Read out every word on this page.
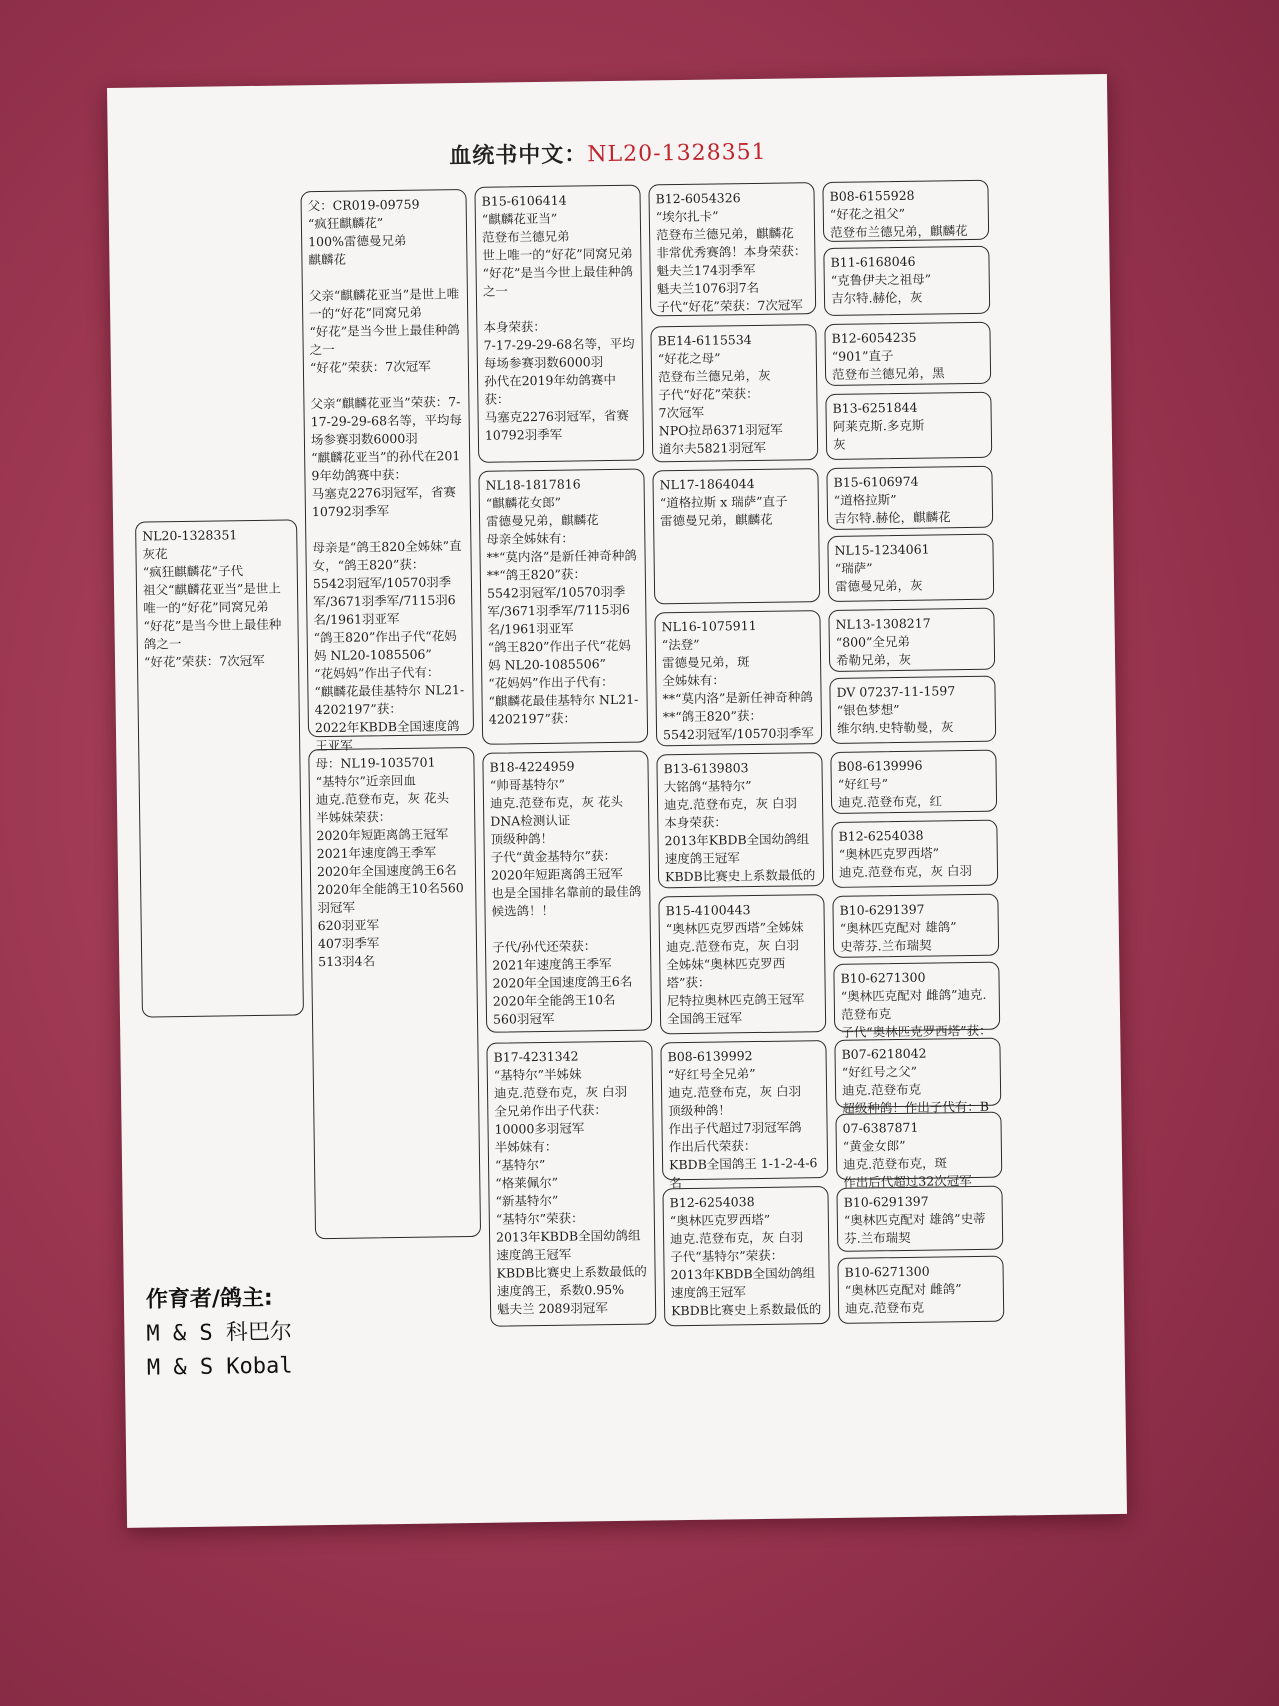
血统书中文：NL20-1328351
NL20-1328351
灰花
“疯狂麒麟花”子代
祖父“麒麟花亚当”是世上唯一的“好花”同窝兄弟
“好花”是当今世上最佳种鸽之一
“好花”荣获：7次冠军
父：CR019-09759
“疯狂麒麟花”
100%雷德曼兄弟
麒麟花

父亲“麒麟花亚当”是世上唯一的“好花”同窝兄弟
“好花”是当今世上最佳种鸽之一
“好花”荣获：7次冠军

父亲“麒麟花亚当”荣获：7-17-29-29-68名等，平均每场参赛羽数6000羽
“麒麟花亚当”的孙代在2019年幼鸽赛中获：
马塞克2276羽冠军，省赛10792羽季军

母亲是“鸽王820全姊妹”直女，“鸽王820”获：
5542羽冠军/10570羽季军/3671羽季军/7115羽6名/1961羽亚军
“鸽王820”作出子代“花妈妈 NL20-1085506”
“花妈妈”作出子代有：
“麒麟花最佳基特尔 NL21-4202197”获：
2022年KBDB全国速度鸽王亚军
母：NL19-1035701
“基特尔”近亲回血
迪克.范登布克，灰 花头
半姊妹荣获：
2020年短距离鸽王冠军
2021年速度鸽王季军
2020年全国速度鸽王6名
2020年全能鸽王10名560羽冠军
620羽亚军
407羽季军
513羽4名
B15-6106414
“麒麟花亚当”
范登布兰德兄弟
世上唯一的“好花”同窝兄弟
“好花”是当今世上最佳种鸽之一

本身荣获：
7-17-29-29-68名等，平均每场参赛羽数6000羽
孙代在2019年幼鸽赛中获：
马塞克2276羽冠军，省赛10792羽季军
NL18-1817816
“麒麟花女郎”
雷德曼兄弟，麒麟花
母亲全姊妹有：
**“莫内洛”是新任神奇种鸽
**“鸽王820”获：
5542羽冠军/10570羽季军/3671羽季军/7115羽6名/1961羽亚军
“鸽王820”作出子代“花妈妈 NL20-1085506”
“花妈妈”作出子代有：
“麒麟花最佳基特尔 NL21-4202197”获：
B18-4224959
“帅哥基特尔”
迪克.范登布克，灰 花头
DNA检测认证
顶级种鸽！
子代“黄金基特尔”获：
2020年短距离鸽王冠军
也是全国排名靠前的最佳鸽候选鸽！！

子代/孙代还荣获：
2021年速度鸽王季军
2020年全国速度鸽王6名
2020年全能鸽王10名
560羽冠军
B17-4231342
“基特尔”半姊妹
迪克.范登布克，灰 白羽
全兄弟作出子代获：
10000多羽冠军
半姊妹有：
“基特尔”
“格莱佩尔”
“新基特尔”
“基特尔”荣获：
2013年KBDB全国幼鸽组速度鸽王冠军
KBDB比赛史上系数最低的速度鸽王，系数0.95%
魁夫兰 2089羽冠军
B12-6054326
“埃尔扎卡”
范登布兰德兄弟，麒麟花
非常优秀赛鸽！本身荣获：
魁夫兰174羽季军
魁夫兰1076羽7名
子代“好花”荣获：7次冠军
BE14-6115534
“好花之母”
范登布兰德兄弟，灰
子代“好花”荣获：
7次冠军
NPO拉昂6371羽冠军
道尔夫5821羽冠军
NL17-1864044
“道格拉斯 x 瑞萨”直子
雷德曼兄弟，麒麟花
NL16-1075911
“法登”
雷德曼兄弟，斑
全姊妹有：
**“莫内洛”是新任神奇种鸽
**“鸽王820”获：
5542羽冠军/10570羽季军
B13-6139803
大铭鸽“基特尔”
迪克.范登布克，灰 白羽
本身荣获：
2013年KBDB全国幼鸽组速度鸽王冠军
KBDB比赛史上系数最低的
B15-4100443
“奥林匹克罗西塔”全姊妹
迪克.范登布克，灰 白羽
全姊妹“奥林匹克罗西塔”获：
尼特拉奥林匹克鸽王冠军
全国鸽王冠军
B08-6139992
“好红号全兄弟”
迪克.范登布克，灰 白羽
顶级种鸽！
作出子代超过7羽冠军鸽
作出后代荣获：
KBDB全国鸽王 1-1-2-4-6名
B12-6254038
“奥林匹克罗西塔”
迪克.范登布克，灰 白羽
子代“基特尔”荣获：
2013年KBDB全国幼鸽组速度鸽王冠军
KBDB比赛史上系数最低的
B08-6155928
“好花之祖父”
范登布兰德兄弟，麒麟花
B11-6168046
“克鲁伊夫之祖母”
吉尔特.赫伦，灰
B12-6054235
“901”直子
范登布兰德兄弟，黑
B13-6251844
阿莱克斯.多克斯
灰
B15-6106974
“道格拉斯”
吉尔特.赫伦，麒麟花
NL15-1234061
“瑞萨”
雷德曼兄弟，灰
NL13-1308217
“800”全兄弟
希勒兄弟，灰
DV 07237-11-1597
“银色梦想”
维尔纳.史特勒曼，灰
B08-6139996
“好红号”
迪克.范登布克，红
B12-6254038
“奥林匹克罗西塔”
迪克.范登布克，灰 白羽
B10-6291397
“奥林匹克配对 雄鸽”
史蒂芬.兰布瑞契
B10-6271300
“奥林匹克配对 雌鸽”迪克.范登布克
子代“奥林匹克罗西塔”获：
B07-6218042
“好红号之父”
迪克.范登布克
超级种鸽！作出子代有：B
07-6387871
“黄金女郎”
迪克.范登布克，斑
作出后代超过32次冠军
B10-6291397
“奥林匹克配对 雄鸽”史蒂芬.兰布瑞契
B10-6271300
“奥林匹克配对 雌鸽”
迪克.范登布克
作育者/鸽主:
M & S 科巴尔
M & S Kobal
